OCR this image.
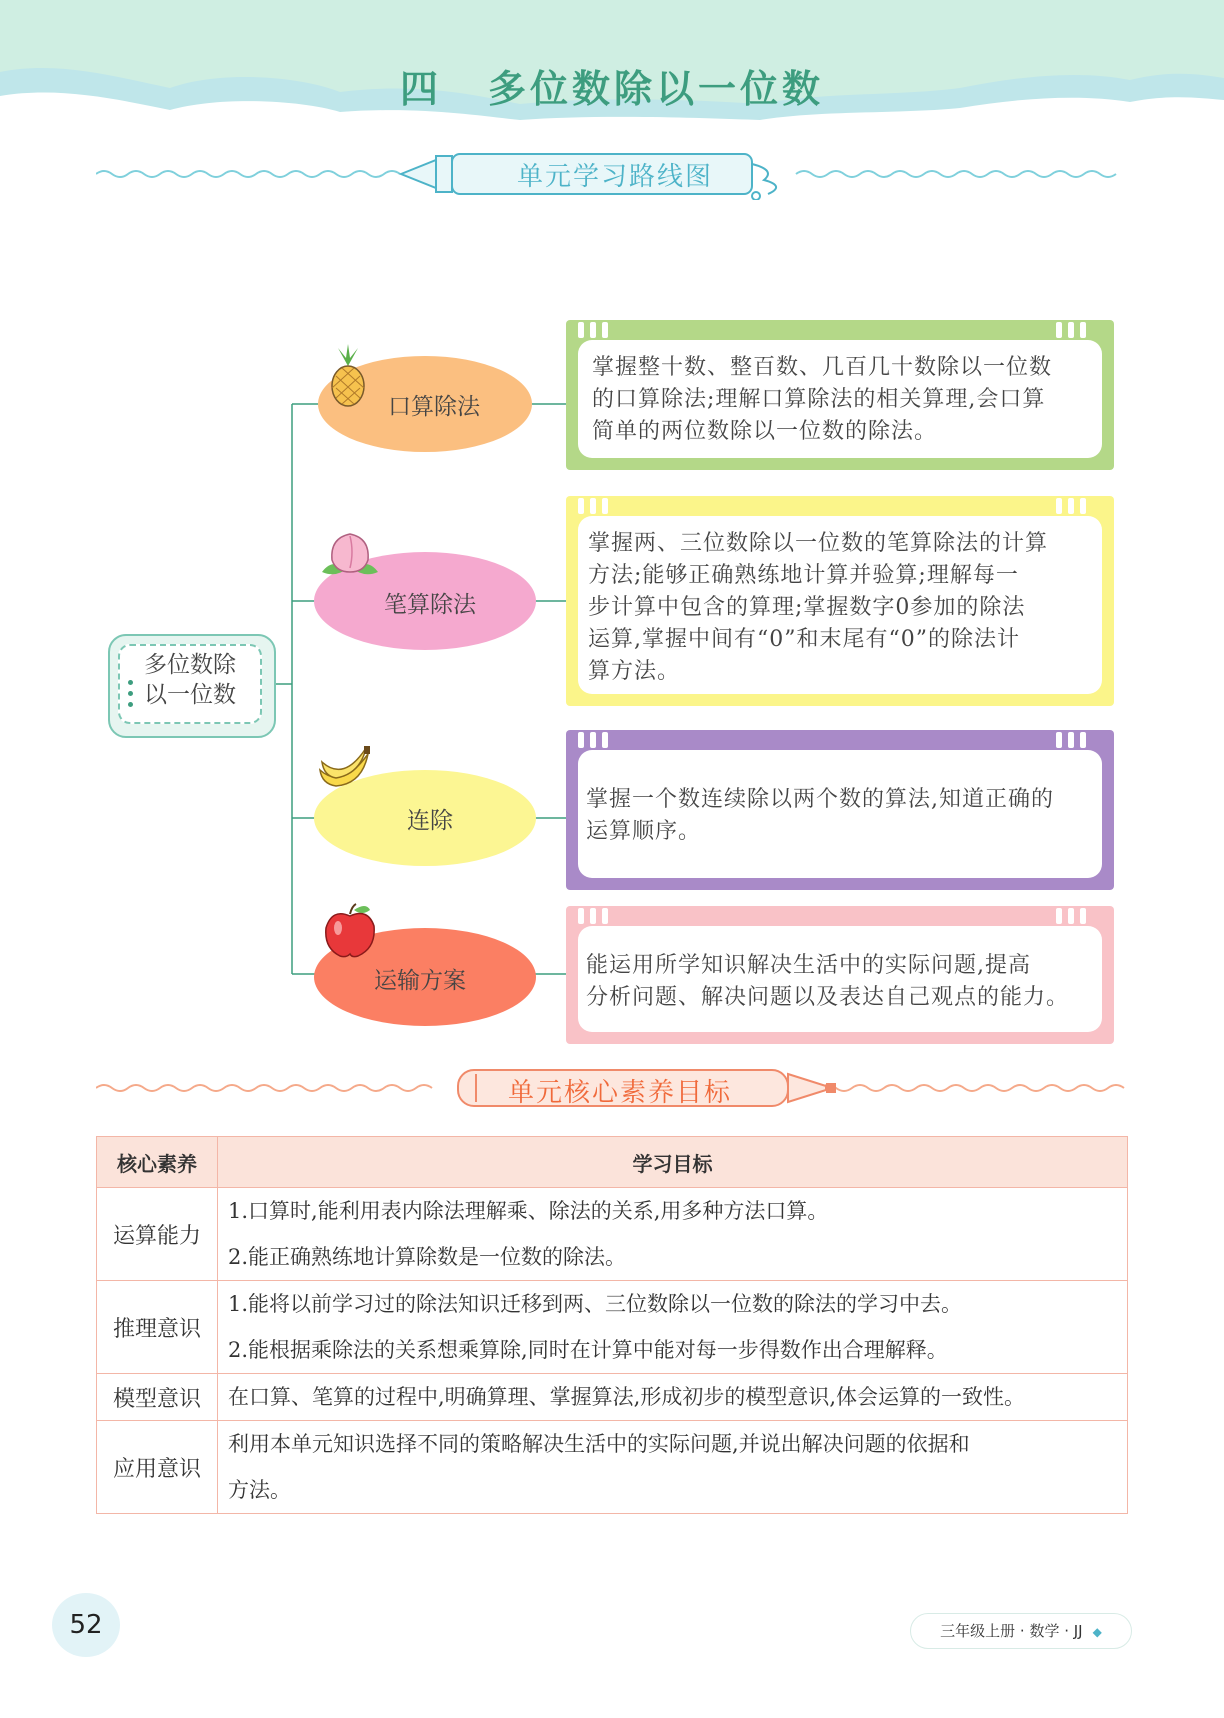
四 多位数除以一位数
单元学习路线图
多位数除以一位数
口算除法
掌握整十数、整百数、几百几十数除以一位数
的口算除法;理解口算除法的相关算理,会口算
简单的两位数除以一位数的除法。
笔算除法
掌握两、三位数除以一位数的笔算除法的计算
方法;能够正确熟练地计算并验算;理解每一
步计算中包含的算理;掌握数字0参加的除法
运算,掌握中间有“0”和末尾有“0”的除法计
算方法。
连除
掌握一个数连续除以两个数的算法,知道正确的
运算顺序。
运输方案
能运用所学知识解决生活中的实际问题,提高
分析问题、解决问题以及表达自己观点的能力。
单元核心素养目标
核心素养	学习目标
运算能力	1.口算时,能利用表内除法理解乘、除法的关系,用多种方法口算。
2.能正确熟练地计算除数是一位数的除法。

推理意识	1.能将以前学习过的除法知识迁移到两、三位数除以一位数的除法的学习中去。
2.能根据乘除法的关系想乘算除,同时在计算中能对每一步得数作出合理解释。

模型意识	在口算、笔算的过程中,明确算理、掌握算法,形成初步的模型意识,体会运算的一致性。

应用意识	利用本单元知识选择不同的策略解决生活中的实际问题,并说出解决问题的依据和
方法。
52	三年级上册 · 数学 · JJ ◆
